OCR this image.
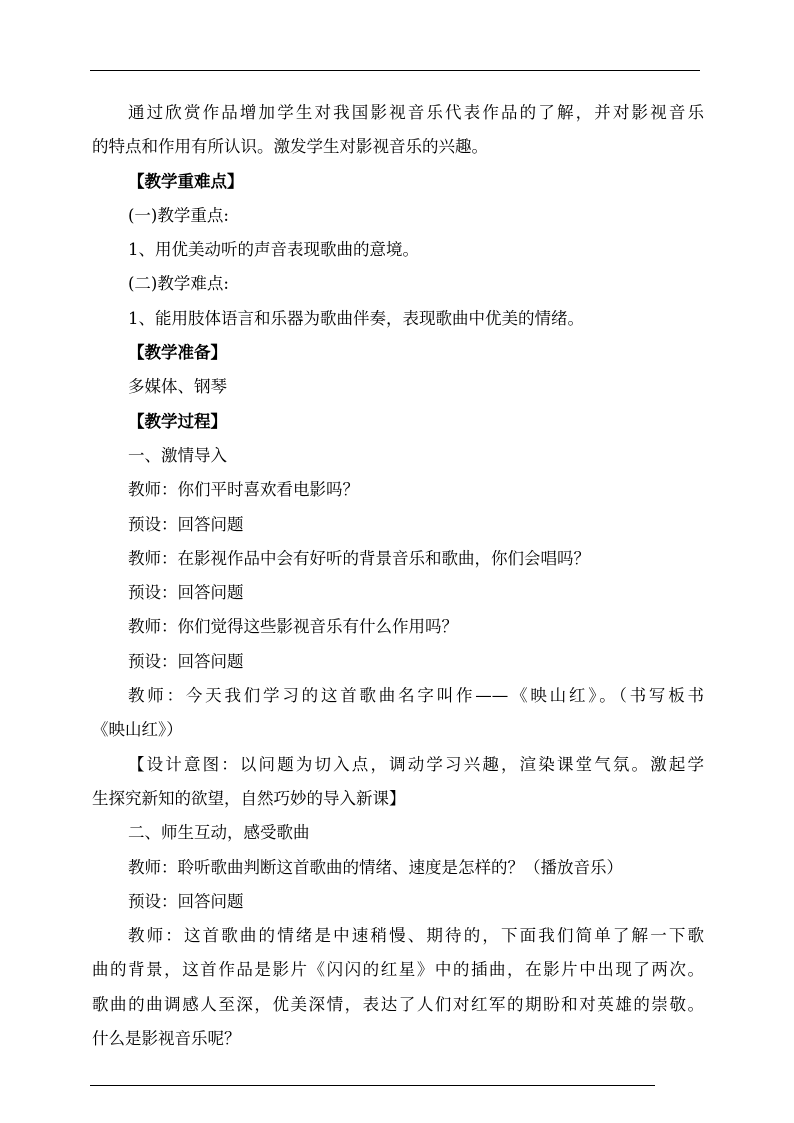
通过欣赏作品增加学生对我国影视音乐代表作品的了解，并对影视音乐

的特点和作用有所认识。激发学生对影视音乐的兴趣。

【教学重难点】

(一)教学重点:

1、用优美动听的声音表现歌曲的意境。

(二)教学难点:

1、能用肢体语言和乐器为歌曲伴奏，表现歌曲中优美的情绪。

【教学准备】

多媒体、钢琴

【教学过程】

一、激情导入

教师：你们平时喜欢看电影吗？

预设：回答问题

教师：在影视作品中会有好听的背景音乐和歌曲，你们会唱吗？

预设：回答问题

教师：你们觉得这些影视音乐有什么作用吗？

预设：回答问题

教师：今天我们学习的这首歌曲名字叫作——《映山红》。（书写板书

《映山红》）

【设计意图：以问题为切入点，调动学习兴趣，渲染课堂气氛。激起学

生探究新知的欲望，自然巧妙的导入新课】

二、师生互动，感受歌曲

教师：聆听歌曲判断这首歌曲的情绪、速度是怎样的？（播放音乐）

预设：回答问题

教师：这首歌曲的情绪是中速稍慢、期待的，下面我们简单了解一下歌

曲的背景，这首作品是影片《闪闪的红星》中的插曲，在影片中出现了两次。

歌曲的曲调感人至深，优美深情，表达了人们对红军的期盼和对英雄的崇敬。

什么是影视音乐呢？
